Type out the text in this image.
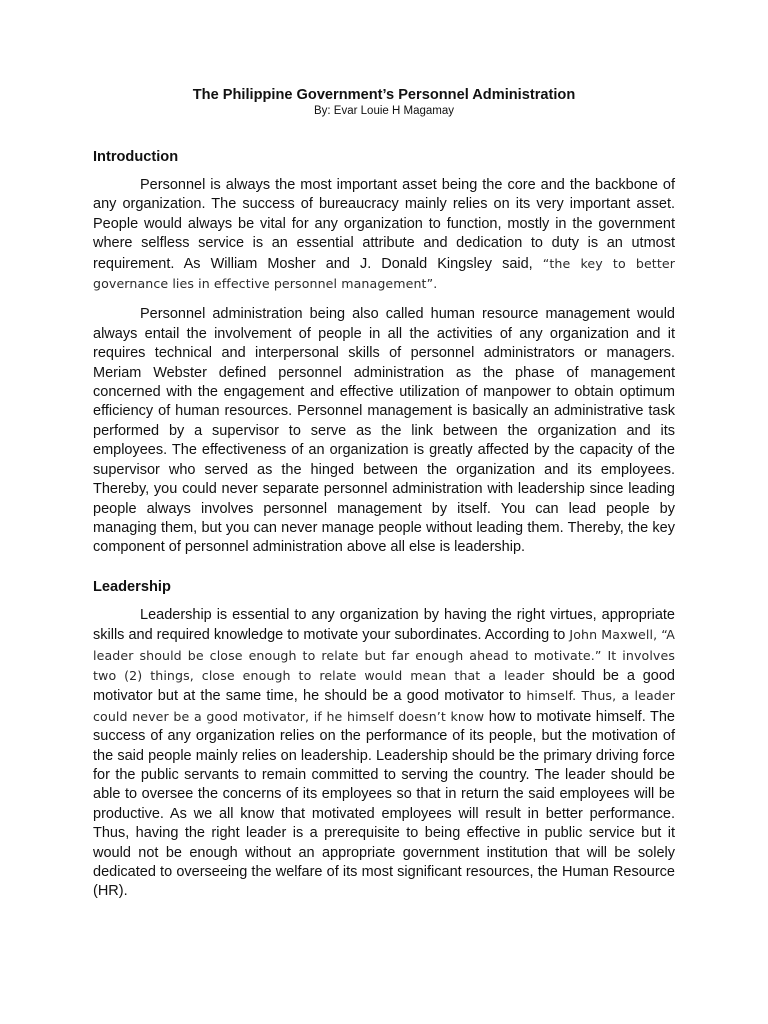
The Philippine Government’s Personnel Administration

By: Evar Louie H Magamay

Introduction

Personnel is always the most important asset being the core and the backbone of any organization. The success of bureaucracy mainly relies on its very important asset. People would always be vital for any organization to function, mostly in the government where selfless service is an essential attribute and dedication to duty is an utmost requirement. As William Mosher and J. Donald Kingsley said, “the key to better governance lies in effective personnel management”.

Personnel administration being also called human resource management would always entail the involvement of people in all the activities of any organization and it requires technical and interpersonal skills of personnel administrators or managers. Meriam Webster defined personnel administration as the phase of management concerned with the engagement and effective utilization of manpower to obtain optimum efficiency of human resources. Personnel management is basically an administrative task performed by a supervisor to serve as the link between the organization and its employees. The effectiveness of an organization is greatly affected by the capacity of the supervisor who served as the hinged between the organization and its employees. Thereby, you could never separate personnel administration with leadership since leading people always involves personnel management by itself. You can lead people by managing them, but you can never manage people without leading them. Thereby, the key component of personnel administration above all else is leadership.

Leadership

Leadership is essential to any organization by having the right virtues, appropriate skills and required knowledge to motivate your subordinates. According to John Maxwell, “A leader should be close enough to relate but far enough ahead to motivate.” It involves two (2) things, close enough to relate would mean that a leader should be a good motivator but at the same time, he should be a good motivator to himself. Thus, a leader could never be a good motivator, if he himself doesn’t know how to motivate himself. The success of any organization relies on the performance of its people, but the motivation of the said people mainly relies on leadership. Leadership should be the primary driving force for the public servants to remain committed to serving the country. The leader should be able to oversee the concerns of its employees so that in return the said employees will be productive. As we all know that motivated employees will result in better performance. Thus, having the right leader is a prerequisite to being effective in public service but it would not be enough without an appropriate government institution that will be solely dedicated to overseeing the welfare of its most significant resources, the Human Resource (HR).
